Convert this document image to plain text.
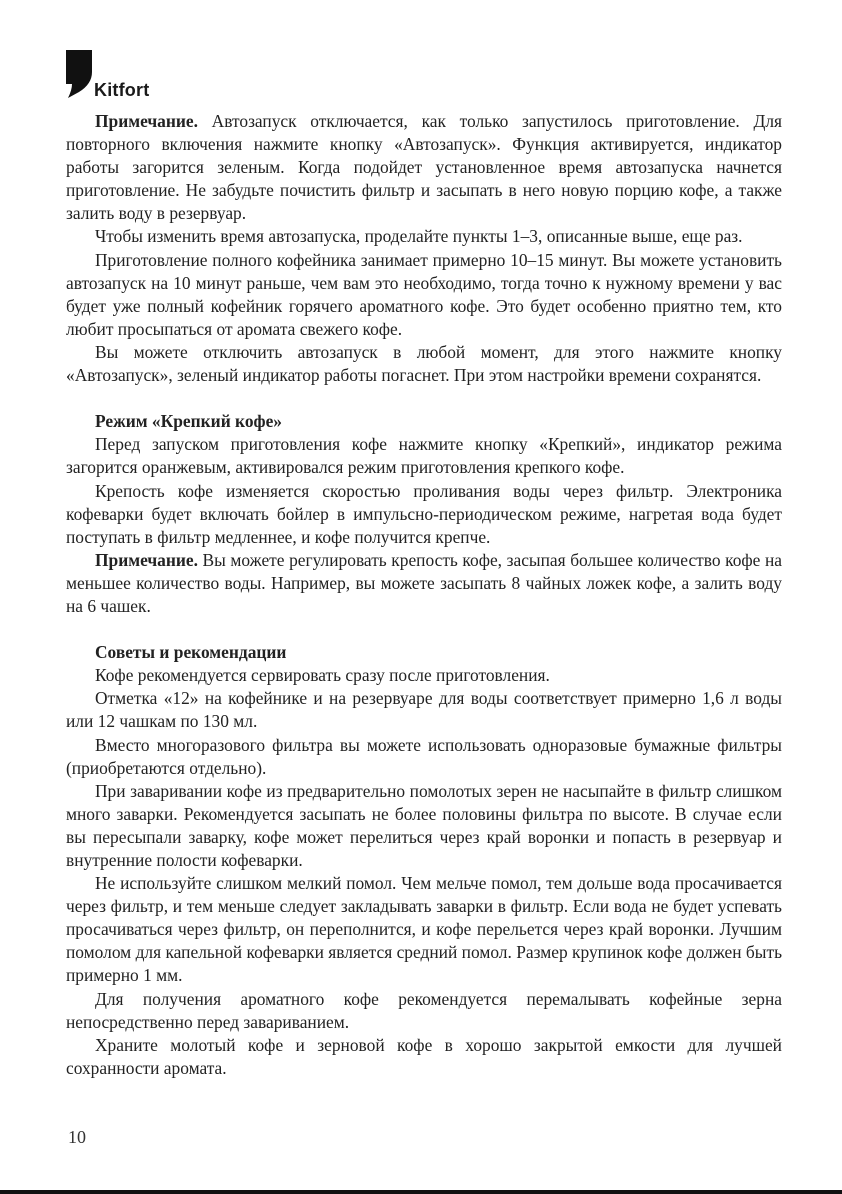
Kitfort

Примечание. Автозапуск отключается, как только запустилось приготовление. Для повторного включения нажмите кнопку «Автозапуск». Функция активируется, индикатор работы загорится зеленым. Когда подойдет установленное время автозапуска начнется приготовление. Не забудьте почистить фильтр и засыпать в него новую порцию кофе, а также залить воду в резервуар.

Чтобы изменить время автозапуска, проделайте пункты 1–3, описанные выше, еще раз.

Приготовление полного кофейника занимает примерно 10–15 минут. Вы можете установить автозапуск на 10 минут раньше, чем вам это необходимо, тогда точно к нужному времени у вас будет уже полный кофейник горячего ароматного кофе. Это будет особенно приятно тем, кто любит просыпаться от аромата свежего кофе.

Вы можете отключить автозапуск в любой момент, для этого нажмите кнопку «Автозапуск», зеленый индикатор работы погаснет. При этом настройки времени сохранятся.

Режим «Крепкий кофе»

Перед запуском приготовления кофе нажмите кнопку «Крепкий», индикатор режима загорится оранжевым, активировался режим приготовления крепкого кофе.

Крепость кофе изменяется скоростью проливания воды через фильтр. Электроника кофеварки будет включать бойлер в импульсно-периодическом режиме, нагретая вода будет поступать в фильтр медленнее, и кофе получится крепче.

Примечание. Вы можете регулировать крепость кофе, засыпая большее количество кофе на меньшее количество воды. Например, вы можете засыпать 8 чайных ложек кофе, а залить воду на 6 чашек.

Советы и рекомендации

Кофе рекомендуется сервировать сразу после приготовления.

Отметка «12» на кофейнике и на резервуаре для воды соответствует примерно 1,6 л воды или 12 чашкам по 130 мл.

Вместо многоразового фильтра вы можете использовать одноразовые бумажные фильтры (приобретаются отдельно).

При заваривании кофе из предварительно помолотых зерен не насыпайте в фильтр слишком много заварки. Рекомендуется засыпать не более половины фильтра по высоте. В случае если вы пересыпали заварку, кофе может перелиться через край воронки и попасть в резервуар и внутренние полости кофеварки.

Не используйте слишком мелкий помол. Чем мельче помол, тем дольше вода просачивается через фильтр, и тем меньше следует закладывать заварки в фильтр. Если вода не будет успевать просачиваться через фильтр, он переполнится, и кофе перельется через край воронки. Лучшим помолом для капельной кофеварки является средний помол. Размер крупинок кофе должен быть примерно 1 мм.

Для получения ароматного кофе рекомендуется перемалывать кофейные зерна непосредственно перед завариванием.

Храните молотый кофе и зерновой кофе в хорошо закрытой емкости для лучшей сохранности аромата.

10
